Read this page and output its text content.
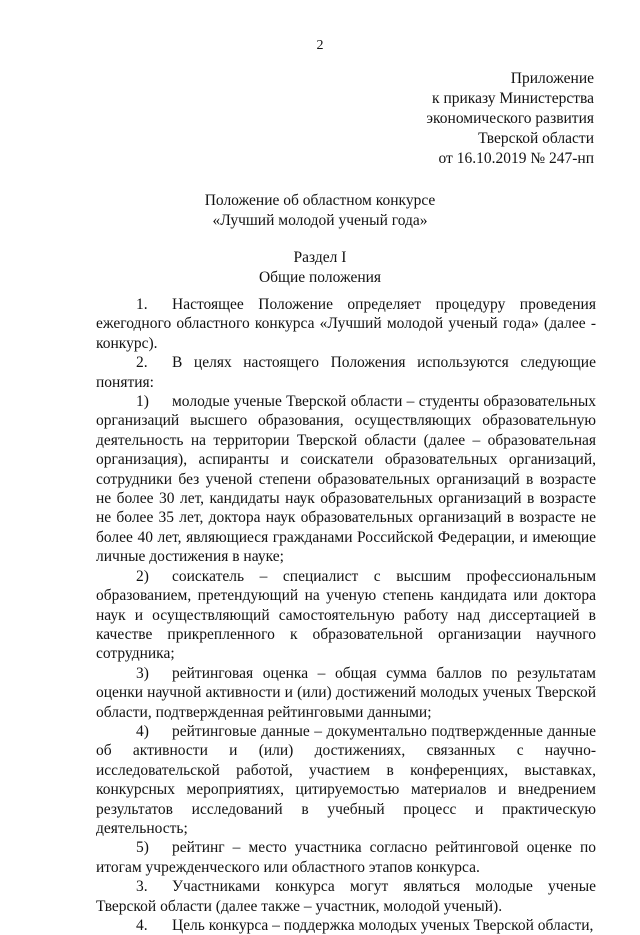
2
Приложение
к приказу Министерства
экономического развития
Тверской области
от 16.10.2019 № 247-нп
Положение об областном конкурсе
«Лучший молодой ученый года»
Раздел I
Общие положения

1. Настоящее Положение определяет процедуру проведения ежегодного областного конкурса «Лучший молодой ученый года» (далее - конкурс).

2. В целях настоящего Положения используются следующие понятия:

1) молодые ученые Тверской области – студенты образовательных организаций высшего образования, осуществляющих образовательную деятельность на территории Тверской области (далее – образовательная организация), аспиранты и соискатели образовательных организаций, сотрудники без ученой степени образовательных организаций в возрасте не более 30 лет, кандидаты наук образовательных организаций в возрасте не более 35 лет, доктора наук образовательных организаций в возрасте не более 40 лет, являющиеся гражданами Российской Федерации, и имеющие личные достижения в науке;

2) соискатель – специалист с высшим профессиональным образованием, претендующий на ученую степень кандидата или доктора наук и осуществляющий самостоятельную работу над диссертацией в качестве прикрепленного к образовательной организации научного сотрудника;

3) рейтинговая оценка – общая сумма баллов по результатам оценки научной активности и (или) достижений молодых ученых Тверской области, подтвержденная рейтинговыми данными;

4) рейтинговые данные – документально подтвержденные данные об активности и (или) достижениях, связанных с научно-исследовательской работой, участием в конференциях, выставках, конкурсных мероприятиях, цитируемостью материалов и внедрением результатов исследований в учебный процесс и практическую деятельность;

5) рейтинг – место участника согласно рейтинговой оценке по итогам учрежденческого или областного этапов конкурса.

3. Участниками конкурса могут являться молодые ученые Тверской области (далее также – участник, молодой ученый).

4. Цель конкурса – поддержка молодых ученых Тверской области,
